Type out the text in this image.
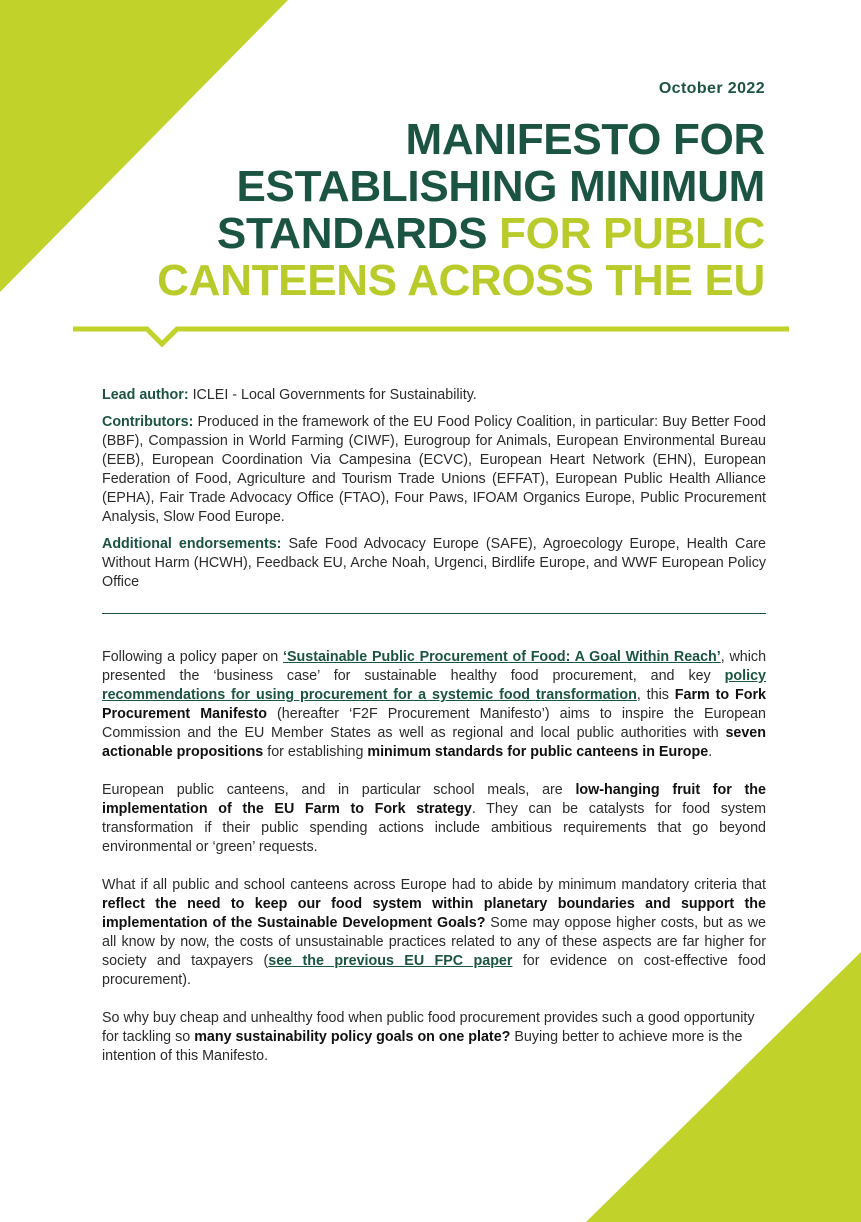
October 2022
MANIFESTO FOR
ESTABLISHING MINIMUM
STANDARDS FOR PUBLIC
CANTEENS ACROSS THE EU

Lead author: ICLEI - Local Governments for Sustainability.

Contributors: Produced in the framework of the EU Food Policy Coalition, in particular: Buy Better Food (BBF), Compassion in World Farming (CIWF), Eurogroup for Animals, European Environmental Bureau (EEB), European Coordination Via Campesina (ECVC), European Heart Network (EHN), European Federation of Food, Agriculture and Tourism Trade Unions (EFFAT), European Public Health Alliance (EPHA), Fair Trade Advocacy Office (FTAO), Four Paws, IFOAM Organics Europe, Public Procurement Analysis, Slow Food Europe.

Additional endorsements: Safe Food Advocacy Europe (SAFE), Agroecology Europe, Health Care Without Harm (HCWH), Feedback EU, Arche Noah, Urgenci, Birdlife Europe, and WWF European Policy Office

Following a policy paper on ‘Sustainable Public Procurement of Food: A Goal Within Reach’, which presented the ‘business case’ for sustainable healthy food procurement, and key policy recommendations for using procurement for a systemic food transformation, this Farm to Fork Procurement Manifesto (hereafter ‘F2F Procurement Manifesto’) aims to inspire the European Commission and the EU Member States as well as regional and local public authorities with seven actionable propositions for establishing minimum standards for public canteens in Europe.

European public canteens, and in particular school meals, are low-hanging fruit for the implementation of the EU Farm to Fork strategy. They can be catalysts for food system transformation if their public spending actions include ambitious requirements that go beyond environmental or ‘green’ requests.

What if all public and school canteens across Europe had to abide by minimum mandatory criteria that reflect the need to keep our food system within planetary boundaries and support the implementation of the Sustainable Development Goals? Some may oppose higher costs, but as we all know by now, the costs of unsustainable practices related to any of these aspects are far higher for society and taxpayers (see the previous EU FPC paper for evidence on cost-effective food procurement).

So why buy cheap and unhealthy food when public food procurement provides such a good opportunity for tackling so many sustainability policy goals on one plate? Buying better to achieve more is the intention of this Manifesto.
